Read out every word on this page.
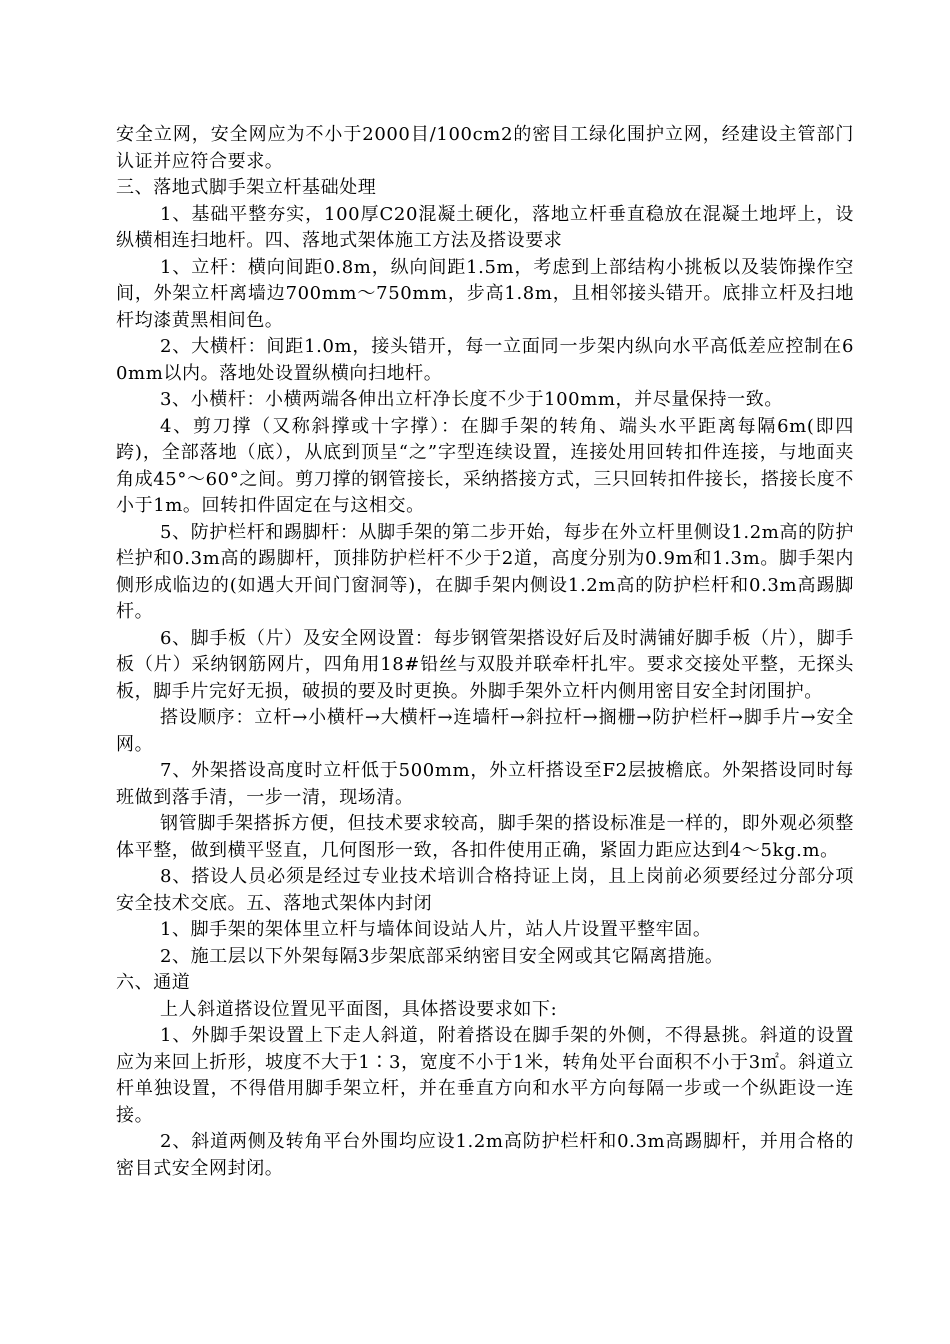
安全立网，安全网应为不小于2000目/100cm2的密目工绿化围护立网，经建设主管部门认证并应符合要求。

三、落地式脚手架立杆基础处理

1、基础平整夯实，100厚C20混凝土硬化，落地立杆垂直稳放在混凝土地坪上，设纵横相连扫地杆。四、落地式架体施工方法及搭设要求

1、立杆：横向间距0.8m，纵向间距1.5m，考虑到上部结构小挑板以及装饰操作空间，外架立杆离墙边700mm～750mm，步高1.8m，且相邻接头错开。底排立杆及扫地杆均漆黄黑相间色。

2、大横杆：间距1.0m，接头错开，每一立面同一步架内纵向水平高低差应控制在60mm以内。落地处设置纵横向扫地杆。

3、小横杆：小横两端各伸出立杆净长度不少于100mm，并尽量保持一致。

4、剪刀撑（又称斜撑或十字撑）：在脚手架的转角、端头水平距离每隔6m(即四跨)，全部落地（底），从底到顶呈“之”字型连续设置，连接处用回转扣件连接，与地面夹角成45°～60°之间。剪刀撑的钢管接长，采纳搭接方式，三只回转扣件接长，搭接长度不小于1m。回转扣件固定在与这相交。

5、防护栏杆和踢脚杆：从脚手架的第二步开始，每步在外立杆里侧设1.2m高的防护栏护和0.3m高的踢脚杆，顶排防护栏杆不少于2道，高度分别为0.9m和1.3m。脚手架内侧形成临边的(如遇大开间门窗洞等)，在脚手架内侧设1.2m高的防护栏杆和0.3m高踢脚杆。

6、脚手板（片）及安全网设置：每步钢管架搭设好后及时满铺好脚手板（片），脚手板（片）采纳钢筋网片，四角用18#铅丝与双股并联牵杆扎牢。要求交接处平整，无探头板，脚手片完好无损，破损的要及时更换。外脚手架外立杆内侧用密目安全封闭围护。

搭设顺序：立杆→小横杆→大横杆→连墙杆→斜拉杆→搁栅→防护栏杆→脚手片→安全网。

7、外架搭设高度时立杆低于500mm，外立杆搭设至F2层披檐底。外架搭设同时每班做到落手清，一步一清，现场清。

钢管脚手架搭拆方便，但技术要求较高，脚手架的搭设标准是一样的，即外观必须整体平整，做到横平竖直，几何图形一致，各扣件使用正确，紧固力距应达到4～5kg.m。

8、搭设人员必须是经过专业技术培训合格持证上岗，且上岗前必须要经过分部分项安全技术交底。五、落地式架体内封闭

1、脚手架的架体里立杆与墙体间设站人片，站人片设置平整牢固。

2、施工层以下外架每隔3步架底部采纳密目安全网或其它隔离措施。

六、通道

上人斜道搭设位置见平面图，具体搭设要求如下:

1、外脚手架设置上下走人斜道，附着搭设在脚手架的外侧，不得悬挑。斜道的设置应为来回上折形，坡度不大于1∶3，宽度不小于1米，转角处平台面积不小于3㎡。斜道立杆单独设置，不得借用脚手架立杆，并在垂直方向和水平方向每隔一步或一个纵距设一连接。

2、斜道两侧及转角平台外围均应设1.2m高防护栏杆和0.3m高踢脚杆，并用合格的密目式安全网封闭。
